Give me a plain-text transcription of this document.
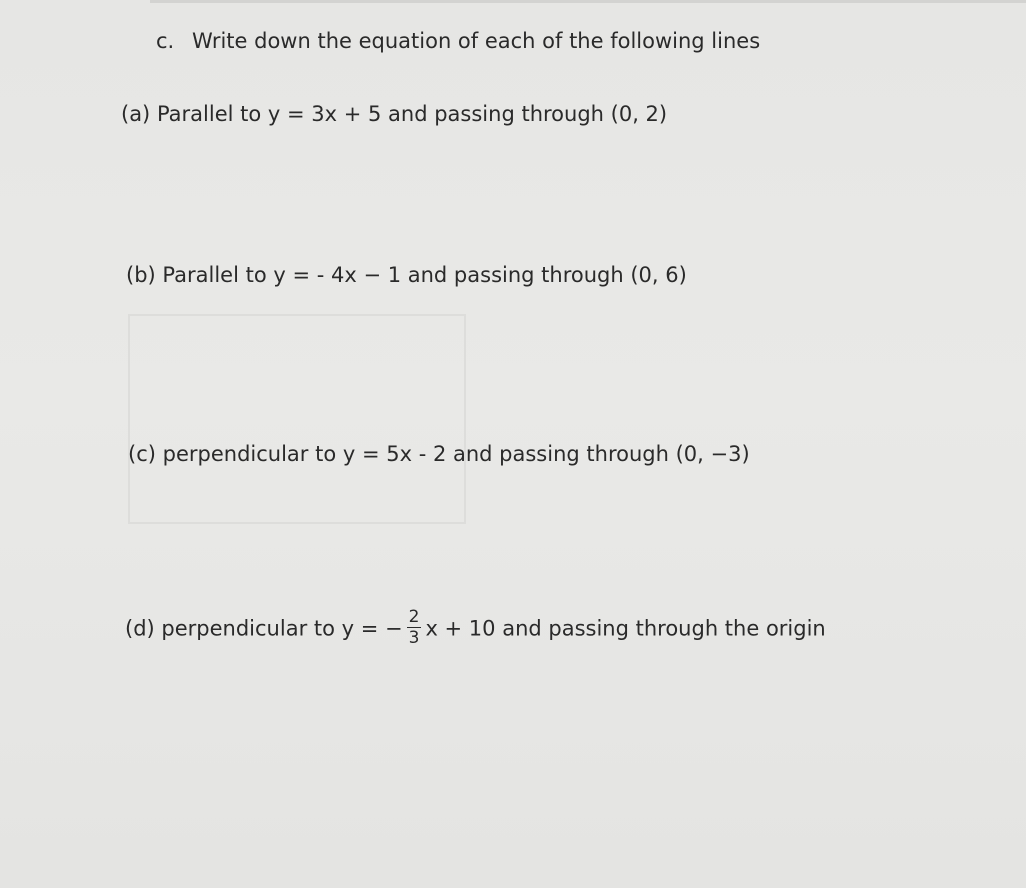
c. Write down the equation of each of the following lines
(a) Parallel to y = 3x + 5 and passing through (0, 2)
(b) Parallel to y = - 4x − 1 and passing through (0, 6)
(c) perpendicular to y = 5x - 2 and passing through (0, −3)
(d) perpendicular to y = − $\frac{2}{3}$ x + 10 and passing through the origin
